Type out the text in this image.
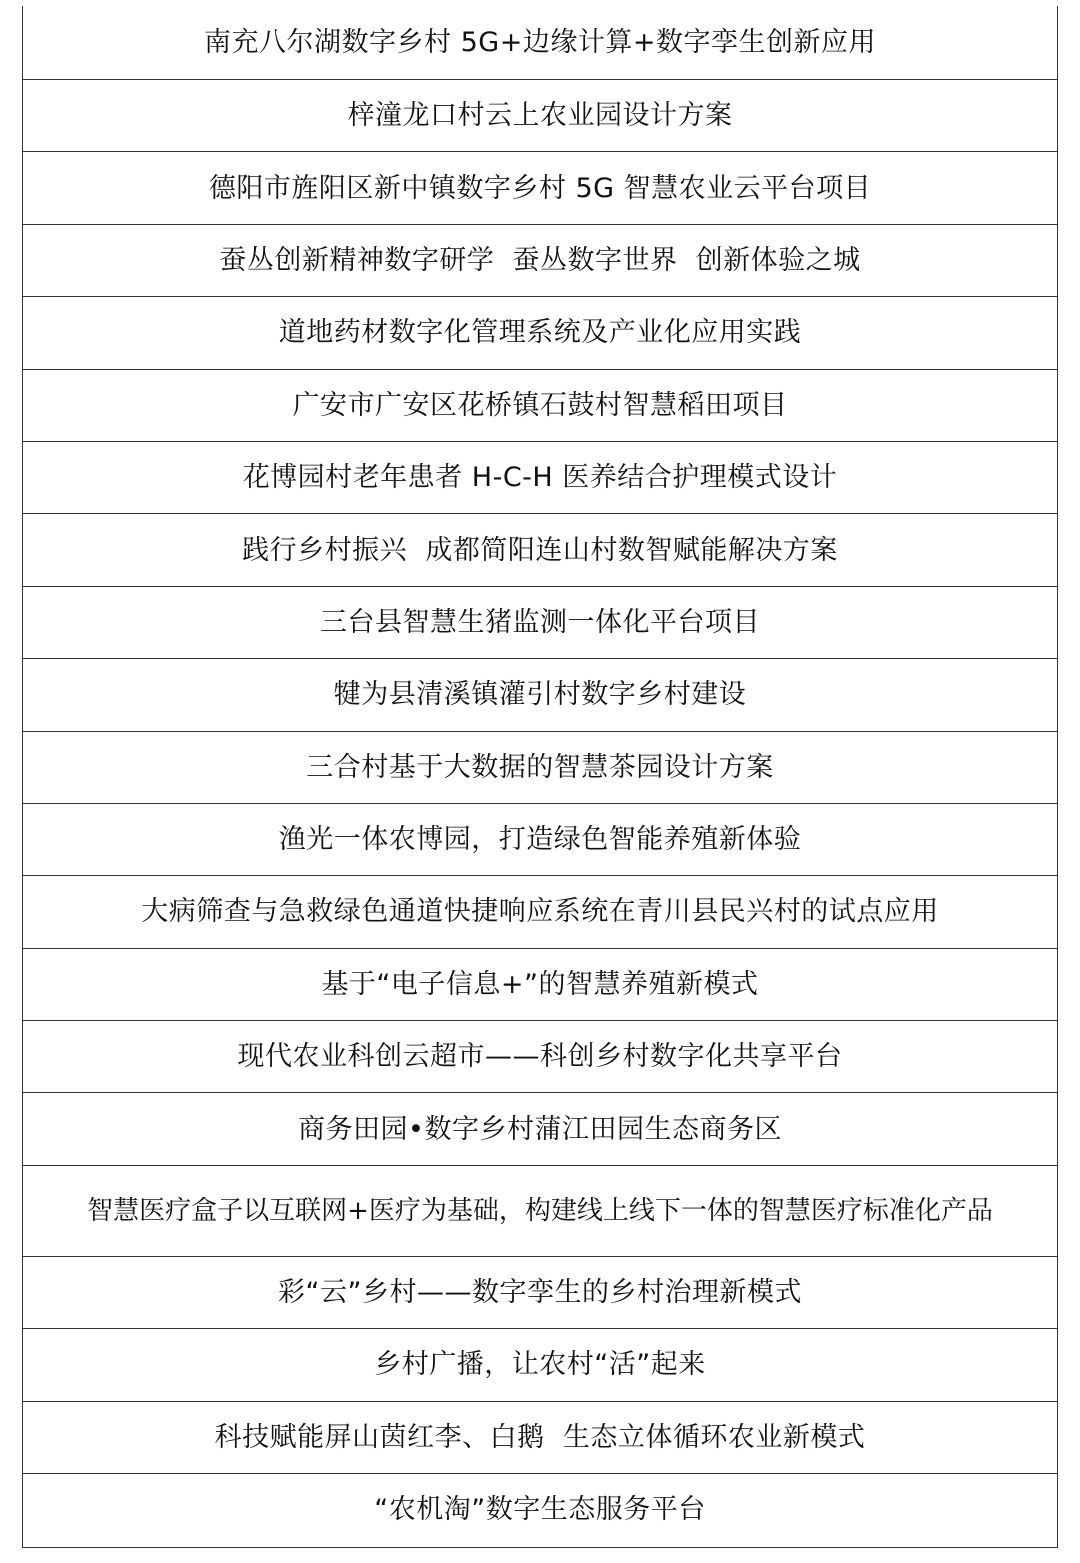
南充八尔湖数字乡村 5G+边缘计算+数字孪生创新应用
梓潼龙口村云上农业园设计方案
德阳市旌阳区新中镇数字乡村 5G 智慧农业云平台项目
蚕丛创新精神数字研学  蚕丛数字世界  创新体验之城
道地药材数字化管理系统及产业化应用实践
广安市广安区花桥镇石鼓村智慧稻田项目
花博园村老年患者 H-C-H 医养结合护理模式设计
践行乡村振兴  成都简阳连山村数智赋能解决方案
三台县智慧生猪监测一体化平台项目
犍为县清溪镇灌引村数字乡村建设
三合村基于大数据的智慧茶园设计方案
渔光一体农博园，打造绿色智能养殖新体验
大病筛查与急救绿色通道快捷响应系统在青川县民兴村的试点应用
基于“电子信息+”的智慧养殖新模式
现代农业科创云超市——科创乡村数字化共享平台
商务田园•数字乡村蒲江田园生态商务区
智慧医疗盒子以互联网+医疗为基础，构建线上线下一体的智慧医疗标准化产品
彩“云”乡村——数字孪生的乡村治理新模式
乡村广播，让农村“活”起来
科技赋能屏山茵红李、白鹅  生态立体循环农业新模式
“农机淘”数字生态服务平台
